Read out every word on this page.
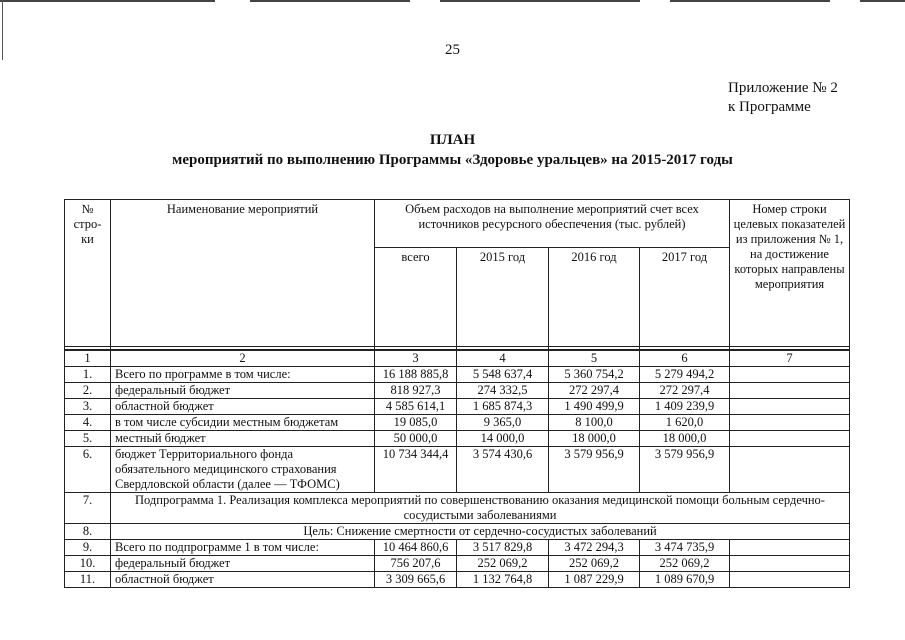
25
Приложение № 2
к Программе
ПЛАН
мероприятий по выполнению Программы «Здоровье уральцев» на 2015-2017 годы
№ стро-ки	Наименование мероприятий	Объем расходов на выполнение мероприятий счет всех источников ресурсного обеспечения (тыс. рублей)				Номер строки целевых показателей из приложения № 1, на достижение которых направлены мероприятия
		всего	2015 год	2016 год	2017 год	

1	2	3	4	5	6	7
1.	Всего по программе в том числе:	16 188 885,8	5 548 637,4	5 360 754,2	5 279 494,2	
2.	федеральный бюджет	818 927,3	274 332,5	272 297,4	272 297,4	
3.	областной бюджет	4 585 614,1	1 685 874,3	1 490 499,9	1 409 239,9	
4.	в том числе субсидии местным бюджетам	19 085,0	9 365,0	8 100,0	1 620,0	
5.	местный бюджет	50 000,0	14 000,0	18 000,0	18 000,0	
6.	бюджет Территориального фонда обязательного медицинского страхования Свердловской области (далее — ТФОМС)	10 734 344,4	3 574 430,6	3 579 956,9	3 579 956,9	
7.	Подпрограмма 1. Реализация комплекса мероприятий по совершенствованию оказания медицинской помощи больным сердечно-сосудистыми заболеваниями					
8.	Цель: Снижение смертности от сердечно-сосудистых заболеваний					
9.	Всего по подпрограмме 1 в том числе:	10 464 860,6	3 517 829,8	3 472 294,3	3 474 735,9	
10.	федеральный бюджет	756 207,6	252 069,2	252 069,2	252 069,2	
11.	областной бюджет	3 309 665,6	1 132 764,8	1 087 229,9	1 089 670,9	
